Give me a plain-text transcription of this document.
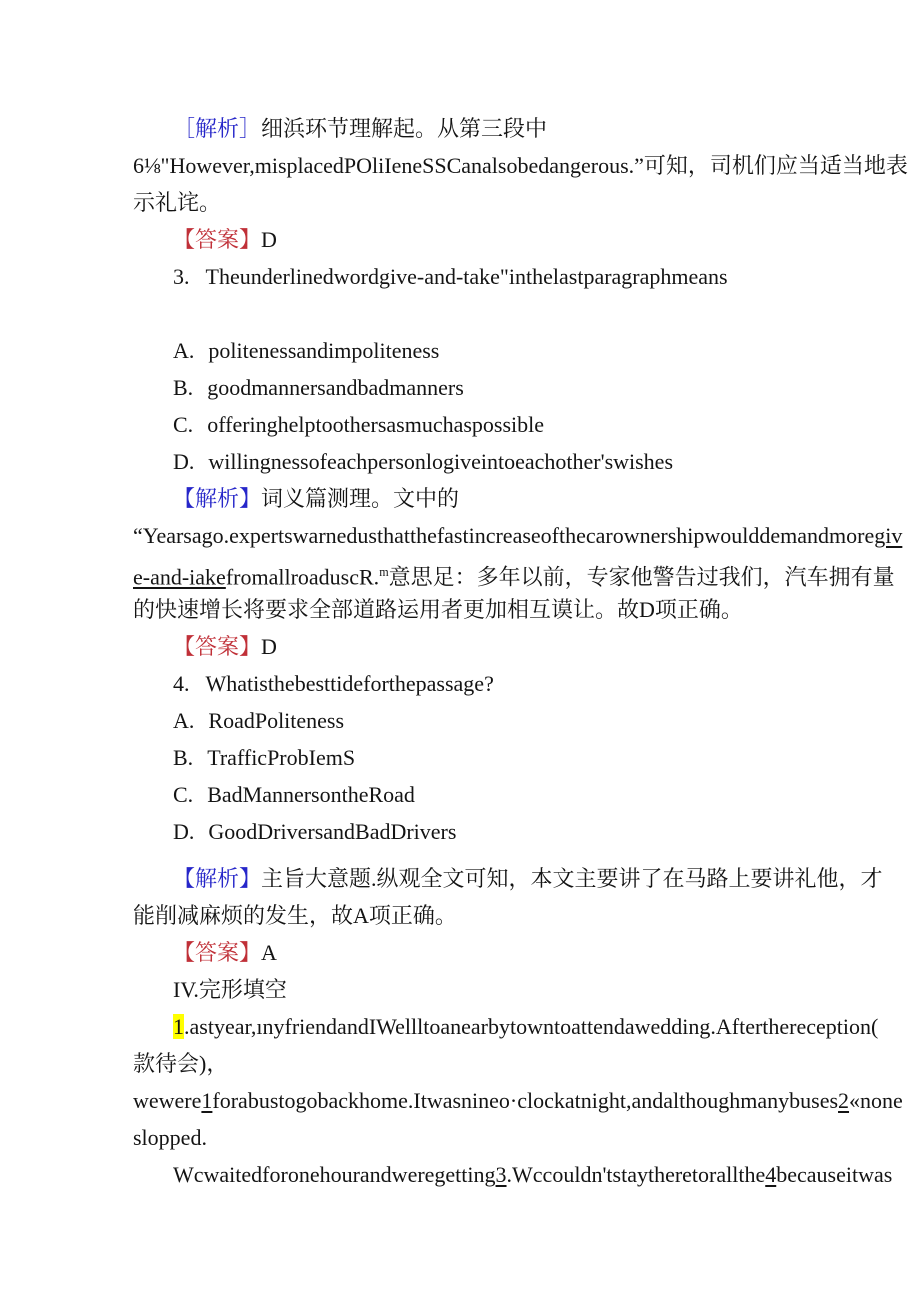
［解析］细浜环节理解起。从第三段中
6⅛"However,misplacedPOliIeneSSCanalsobedangerous.”可知，司机们应当适当地表
示礼诧。
【答案】D
3. Theunderlinedwordgive-and-take"inthelastparagraphmeans
A. politenessandimpoliteness
B. goodmannersandbadmanners
C. offeringhelptoothersasmuchaspossible
D. willingnessofeachpersonlogiveintoeachother'swishes
【解析】词义篇测理。文中的
“Yearsago.expertswarnedusthatthefastincreaseofthecarownershipwoulddemandmoregiv
e-and-iakefromallroaduscR.$^m$意思足：多年以前，专家他警告过我们，汽车拥有量
的快速增长将要求全部道路运用者更加相互谟让。故D项正确。
【答案】D
4. Whatisthebesttideforthepassage?
A. RoadPoliteness
B. TrafficProbIemS
C. BadMannersontheRoad
D. GoodDriversandBadDrivers
【解析】主旨大意题.纵观全文可知，本文主要讲了在马路上要讲礼他，才
能削减麻烦的发生，故A项正确。
【答案】A
IV.完形填空
1.astyear,ınyfriendandIWellltoanearbytowntoattendawedding.Afterthereception(
款待会)，
wewere1forabustogobackhome.Itwasnineo·clockatnight,andalthoughmanybuses2«none
slopped.
Wcwaitedforonehourandweregetting3.Wccouldn'tstaytheretorallthe4becauseitwas
